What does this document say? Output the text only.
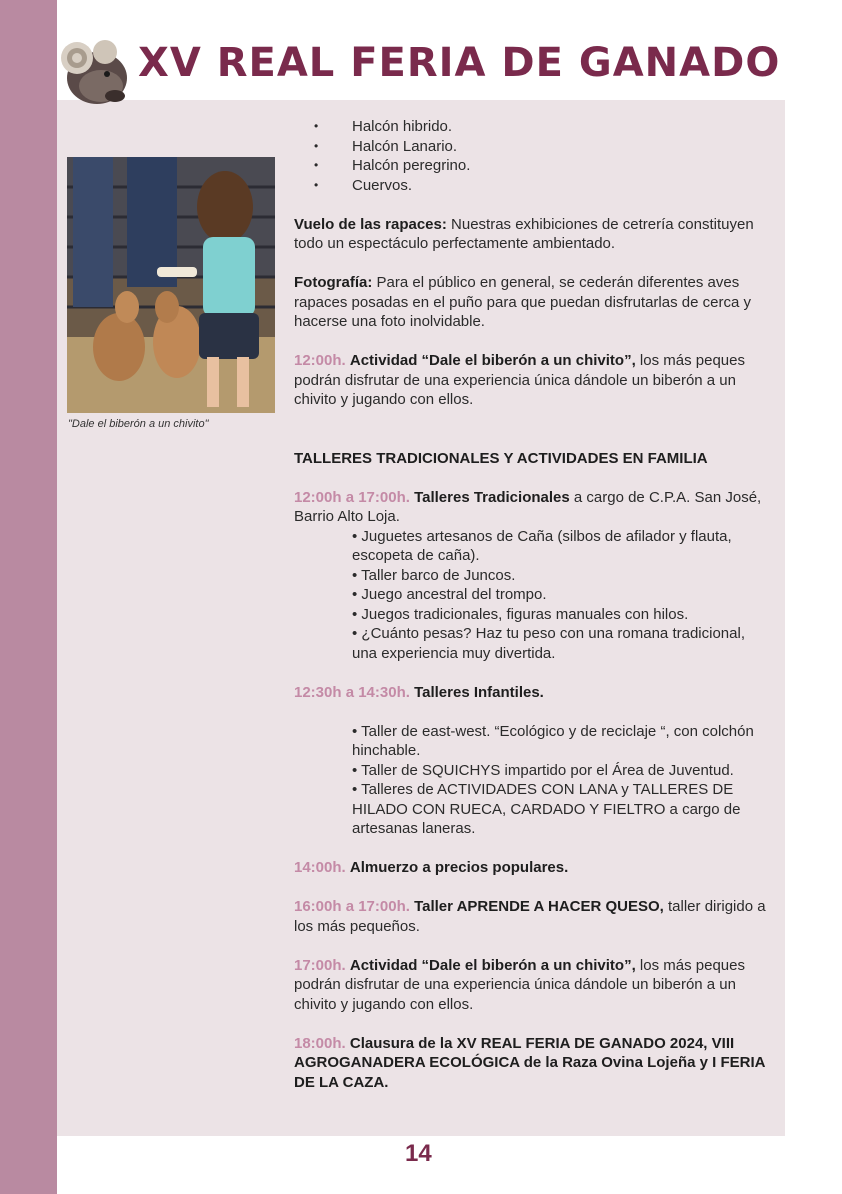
XV REAL FERIA DE GANADO
"Dale el biberón a un chivito"
• Halcón hibrido.
• Halcón Lanario.
• Halcón peregrino.
• Cuervos.

Vuelo de las rapaces: Nuestras exhibiciones de cetrería constituyen todo un espectáculo perfectamente ambientado.

Fotografía: Para el público en general, se cederán diferentes aves rapaces posadas en el puño para que puedan disfrutarlas de cerca y hacerse una foto inolvidable.

12:00h. Actividad “Dale el biberón a un chivito”, los más peques podrán disfrutar de una experiencia única dándole un biberón a un chivito y jugando con ellos.

TALLERES TRADICIONALES Y ACTIVIDADES EN FAMILIA

12:00h a 17:00h. Talleres Tradicionales a cargo de C.P.A. San José, Barrio Alto Loja.

• Juguetes artesanos de Caña (silbos de afilador y flauta, escopeta de caña).

• Taller barco de Juncos.

• Juego ancestral del trompo.

• Juegos tradicionales, figuras manuales con hilos.

• ¿Cuánto pesas? Haz tu peso con una romana tradicional, una experiencia muy divertida.

12:30h a 14:30h. Talleres Infantiles.

• Taller de east-west. “Ecológico y de reciclaje “, con colchón hinchable.

• Taller de SQUICHYS impartido por el Área de Juventud.

• Talleres de ACTIVIDADES CON LANA y TALLERES DE HILADO CON RUECA, CARDADO Y FIELTRO a cargo de artesanas laneras.

14:00h. Almuerzo a precios populares.

16:00h a 17:00h. Taller APRENDE A HACER QUESO, taller dirigido a los más pequeños.

17:00h. Actividad “Dale el biberón a un chivito”, los más peques podrán disfrutar de una experiencia única dándole un biberón a un chivito y jugando con ellos.

18:00h. Clausura de la XV REAL FERIA DE GANADO 2024, VIII AGROGANADERA ECOLÓGICA de la Raza Ovina Lojeña y I FERIA DE LA CAZA.

14
